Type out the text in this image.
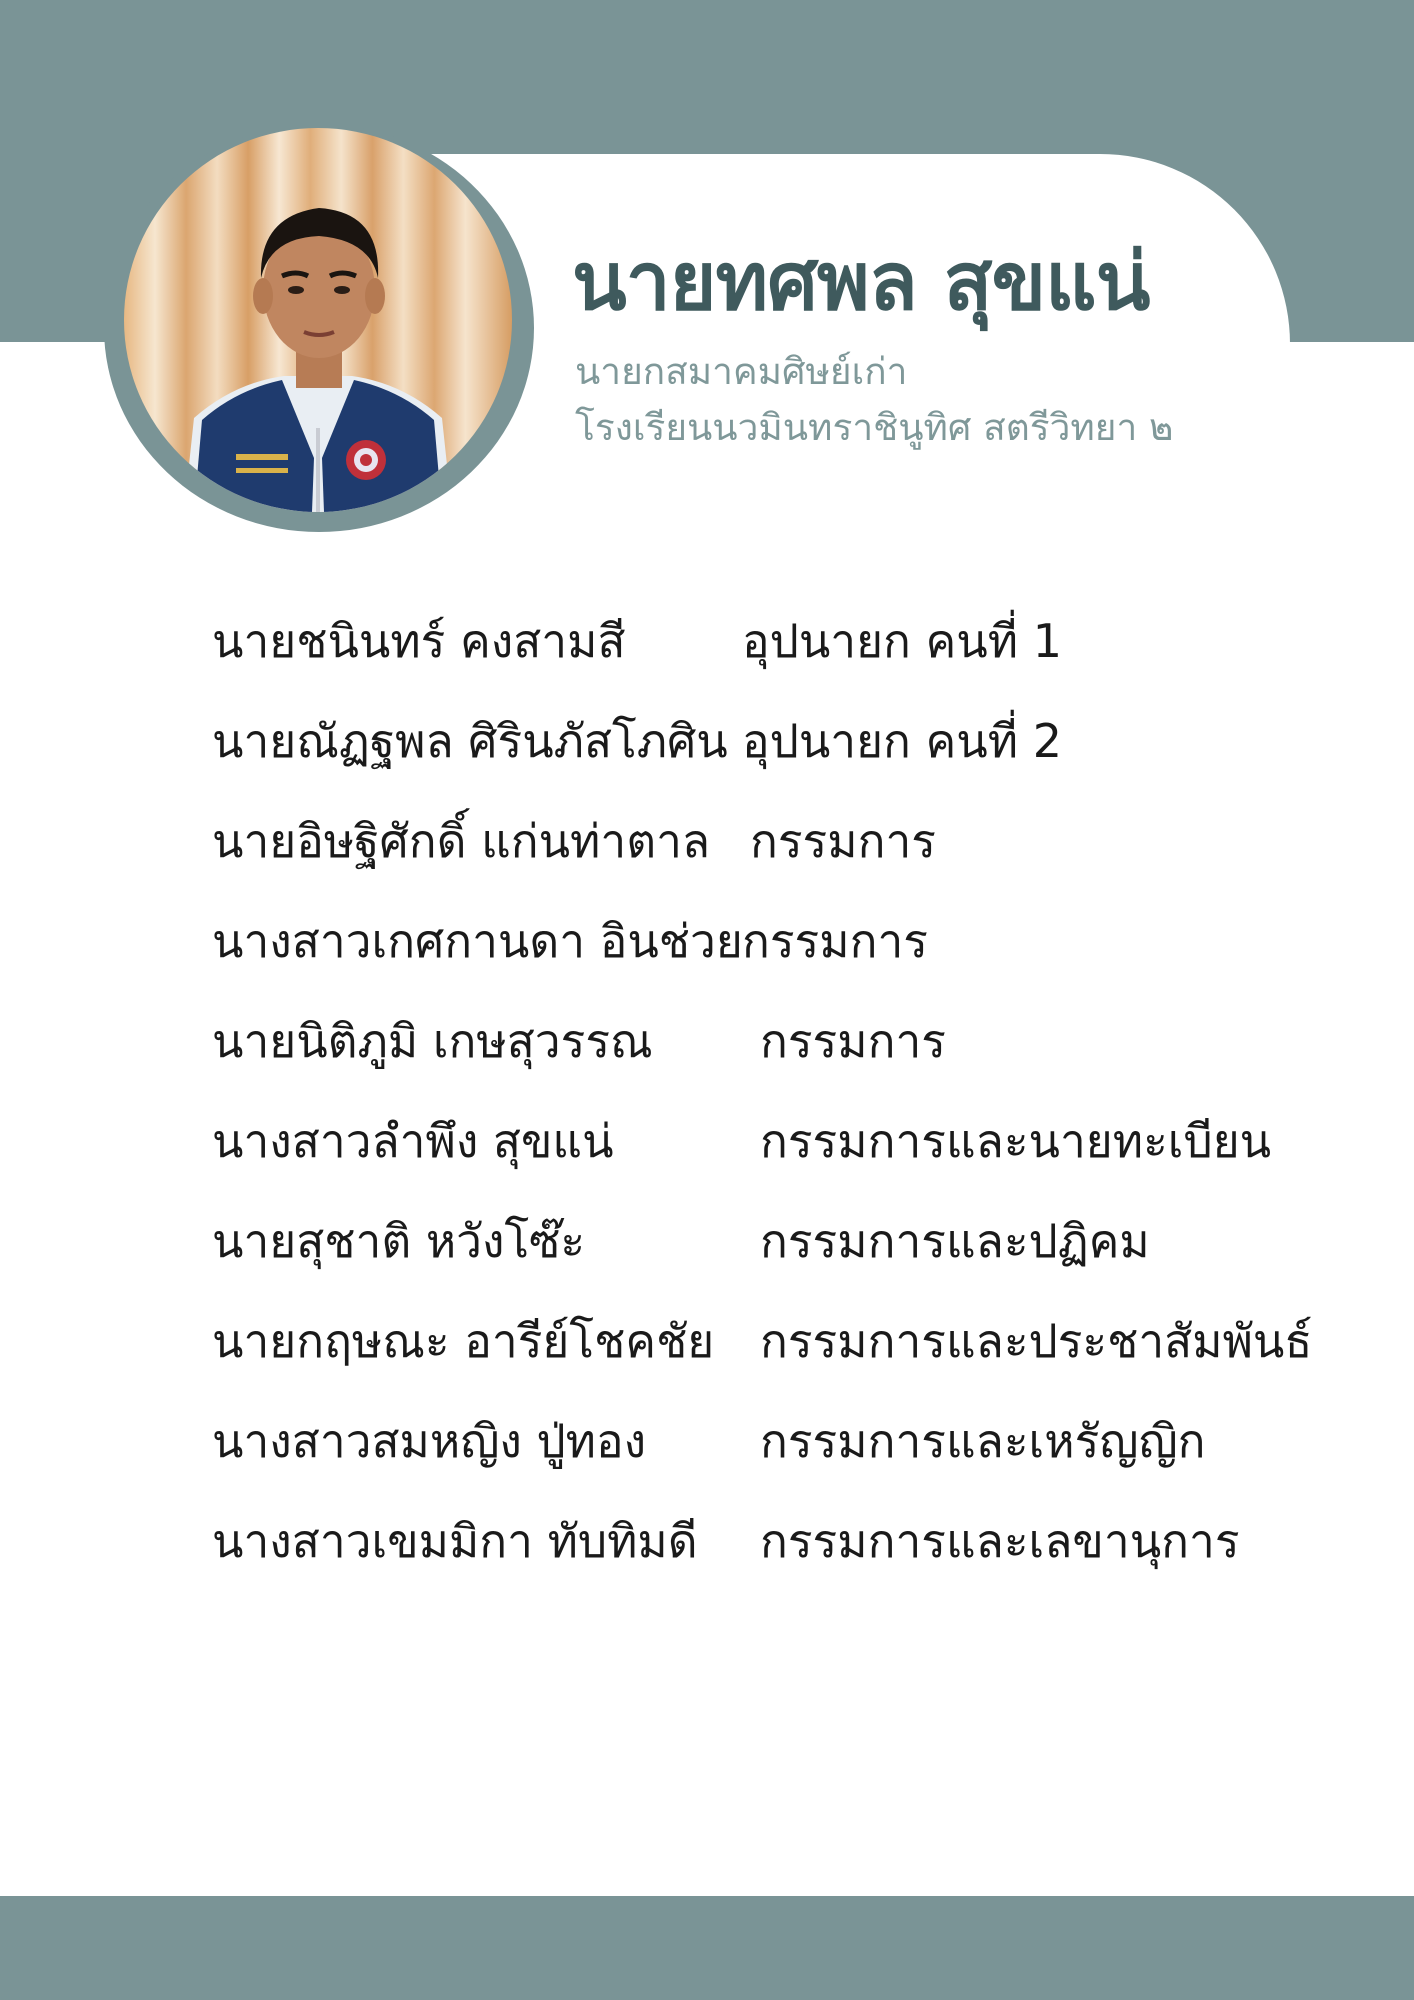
นายทศพล สุขแน่
นายกสมาคมศิษย์เก่า
โรงเรียนนวมินทราชินูทิศ สตรีวิทยา ๒
นายชนินทร์ คงสามสี	อุปนายก คนที่ 1
นายณัฏฐพล ศิรินภัสโภศิน อุปนายก คนที่ 2
นายอิษฐิศักดิ์ แก่นท่าตาล กรรมการ
นางสาวเกศกานดา อินช่วย กรรมการ
นายนิติภูมิ เกษสุวรรณ กรรมการ
นางสาวลำพึง สุขแน่	กรรมการและนายทะเบียน
นายสุชาติ หวังโซ๊ะ	กรรมการและปฏิคม
นายกฤษณะ อารีย์โชคชัย กรรมการและประชาสัมพันธ์
นางสาวสมหญิง ปู่ทอง กรรมการและเหรัญญิก
นางสาวเขมมิกา ทับทิมดี กรรมการและเลขานุการ
